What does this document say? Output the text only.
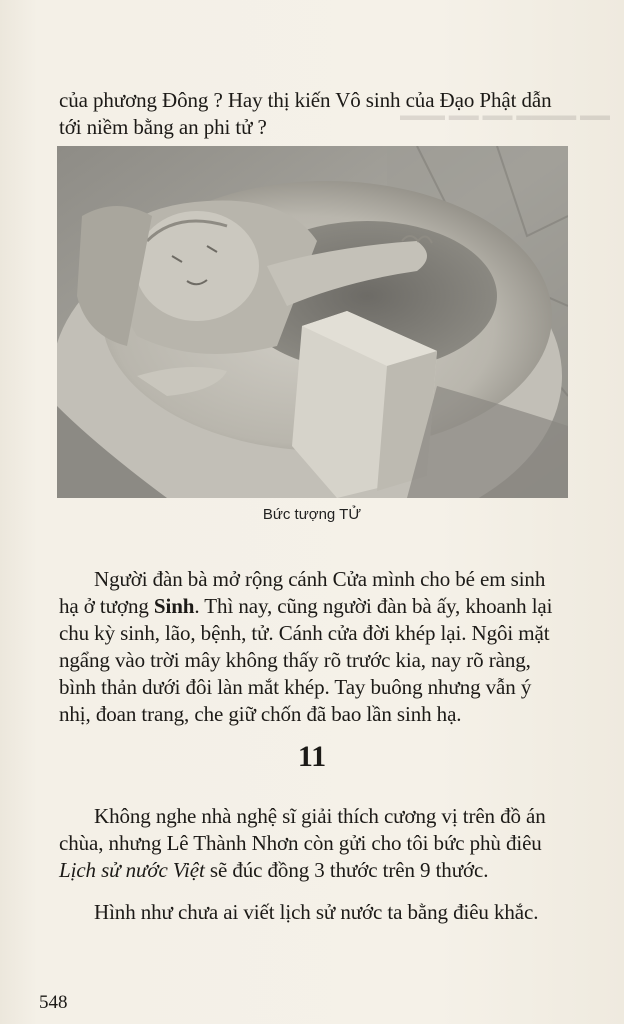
▬▬ ▬▬▬▬ ▬▬ ▬▬ ▬▬▬
của phương Đông ? Hay thị kiến Vô sinh của Đạo Phật dẫn
tới niềm bằng an phi tử ?
Bức tượng TỬ
Người đàn bà mở rộng cánh Cửa mình cho bé em sinh
hạ ở tượng Sinh. Thì nay, cũng người đàn bà ấy, khoanh lại
chu kỳ sinh, lão, bệnh, tử. Cánh cửa đời khép lại. Ngôi mặt
ngẩng vào trời mây không thấy rõ trước kia, nay rõ ràng,
bình thản dưới đôi làn mắt khép. Tay buông nhưng vẫn ý
nhị, đoan trang, che giữ chốn đã bao lần sinh hạ.
11
Không nghe nhà nghệ sĩ giải thích cương vị trên đồ án
chùa, nhưng Lê Thành Nhơn còn gửi cho tôi bức phù điêu
Lịch sử nước Việt sẽ đúc đồng 3 thước trên 9 thước.
Hình như chưa ai viết lịch sử nước ta bằng điêu khắc.
548
